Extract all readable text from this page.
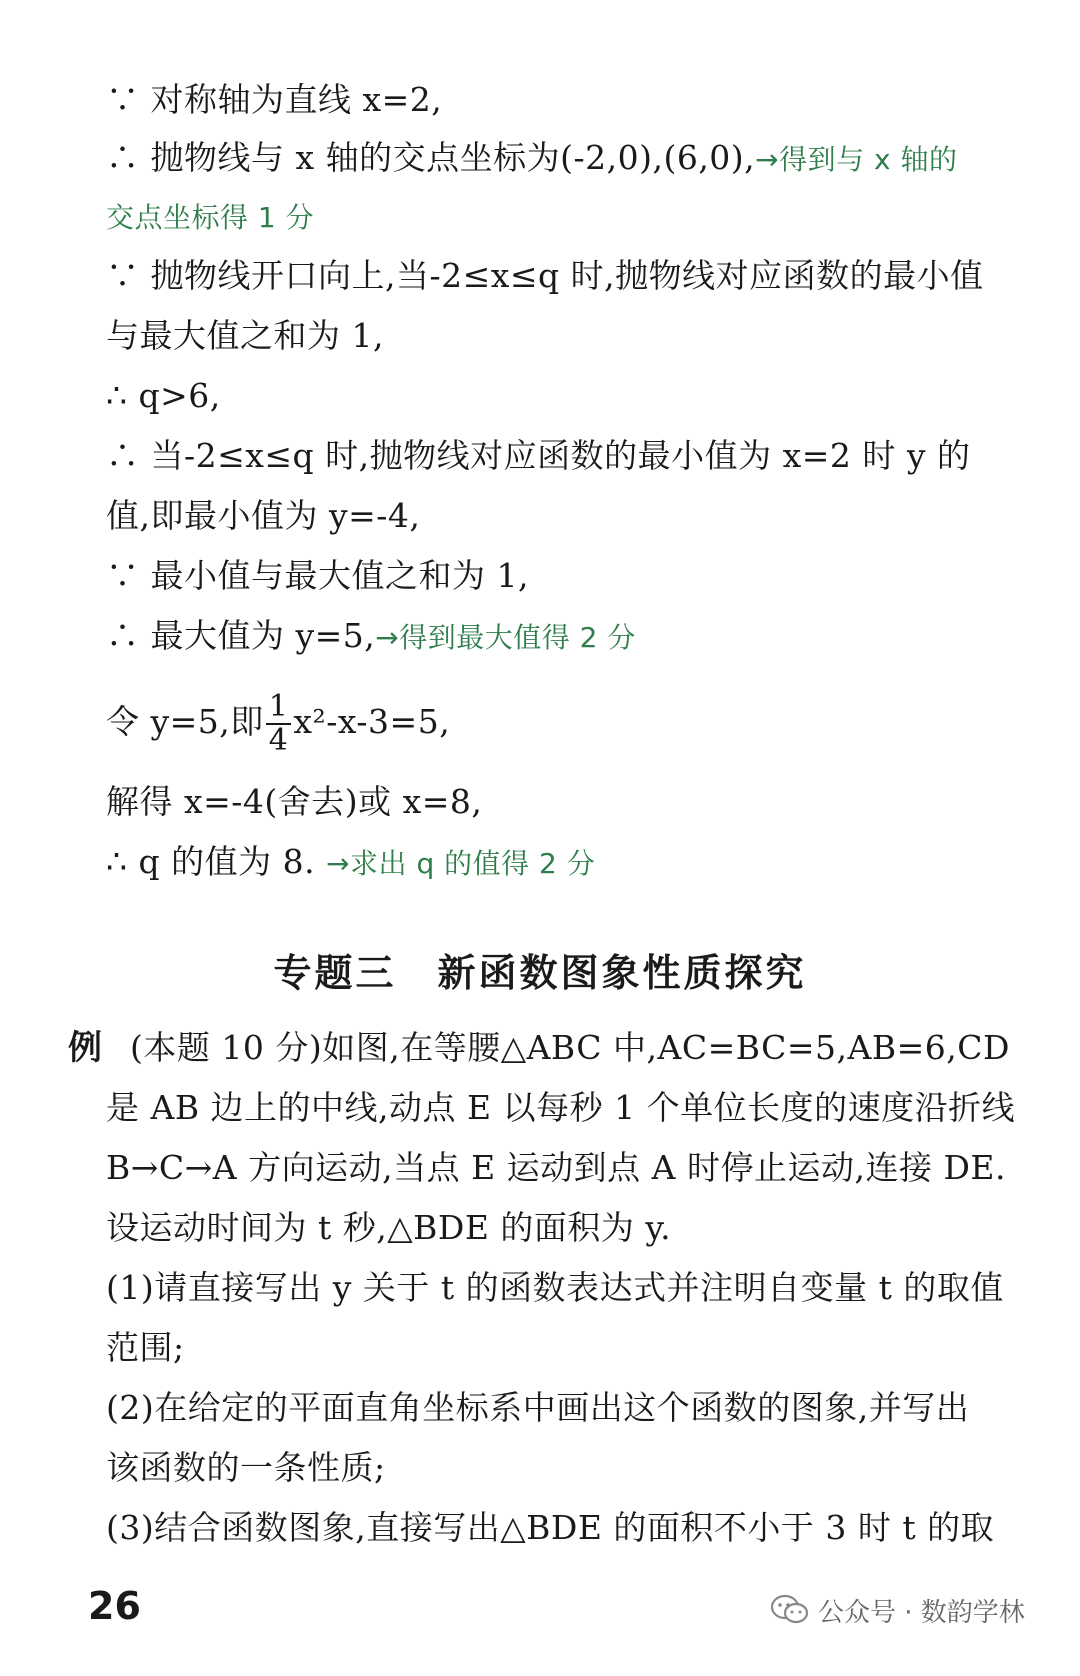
∵ 对称轴为直线 x=2,
∴ 抛物线与 x 轴的交点坐标为(-2,0),(6,0),→得到与 x 轴的
交点坐标得 1 分
∵ 抛物线开口向上,当-2≤x≤q 时,抛物线对应函数的最小值
与最大值之和为 1,
∴ q>6,
∴ 当-2≤x≤q 时,抛物线对应函数的最小值为 x=2 时 y 的
值,即最小值为 y=-4,
∵ 最小值与最大值之和为 1,
∴ 最大值为 y=5,→得到最大值得 2 分
令 y=5,即 $\frac{1}{4} x^2-x-3=5$,
解得 x=-4(舍去)或 x=8,
∴ q 的值为 8. →求出 q 的值得 2 分
专题三　新函数图象性质探究
例 (本题 10 分)如图,在等腰△ABC 中,AC=BC=5,AB=6,CD
是 AB 边上的中线,动点 E 以每秒 1 个单位长度的速度沿折线
B→C→A 方向运动,当点 E 运动到点 A 时停止运动,连接 DE.
设运动时间为 t 秒,△BDE 的面积为 y.
(1)请直接写出 y 关于 t 的函数表达式并注明自变量 t 的取值
范围;
(2)在给定的平面直角坐标系中画出这个函数的图象,并写出
该函数的一条性质;
(3)结合函数图象,直接写出△BDE 的面积不小于 3 时 t 的取
26	公众号 · 数韵学林
